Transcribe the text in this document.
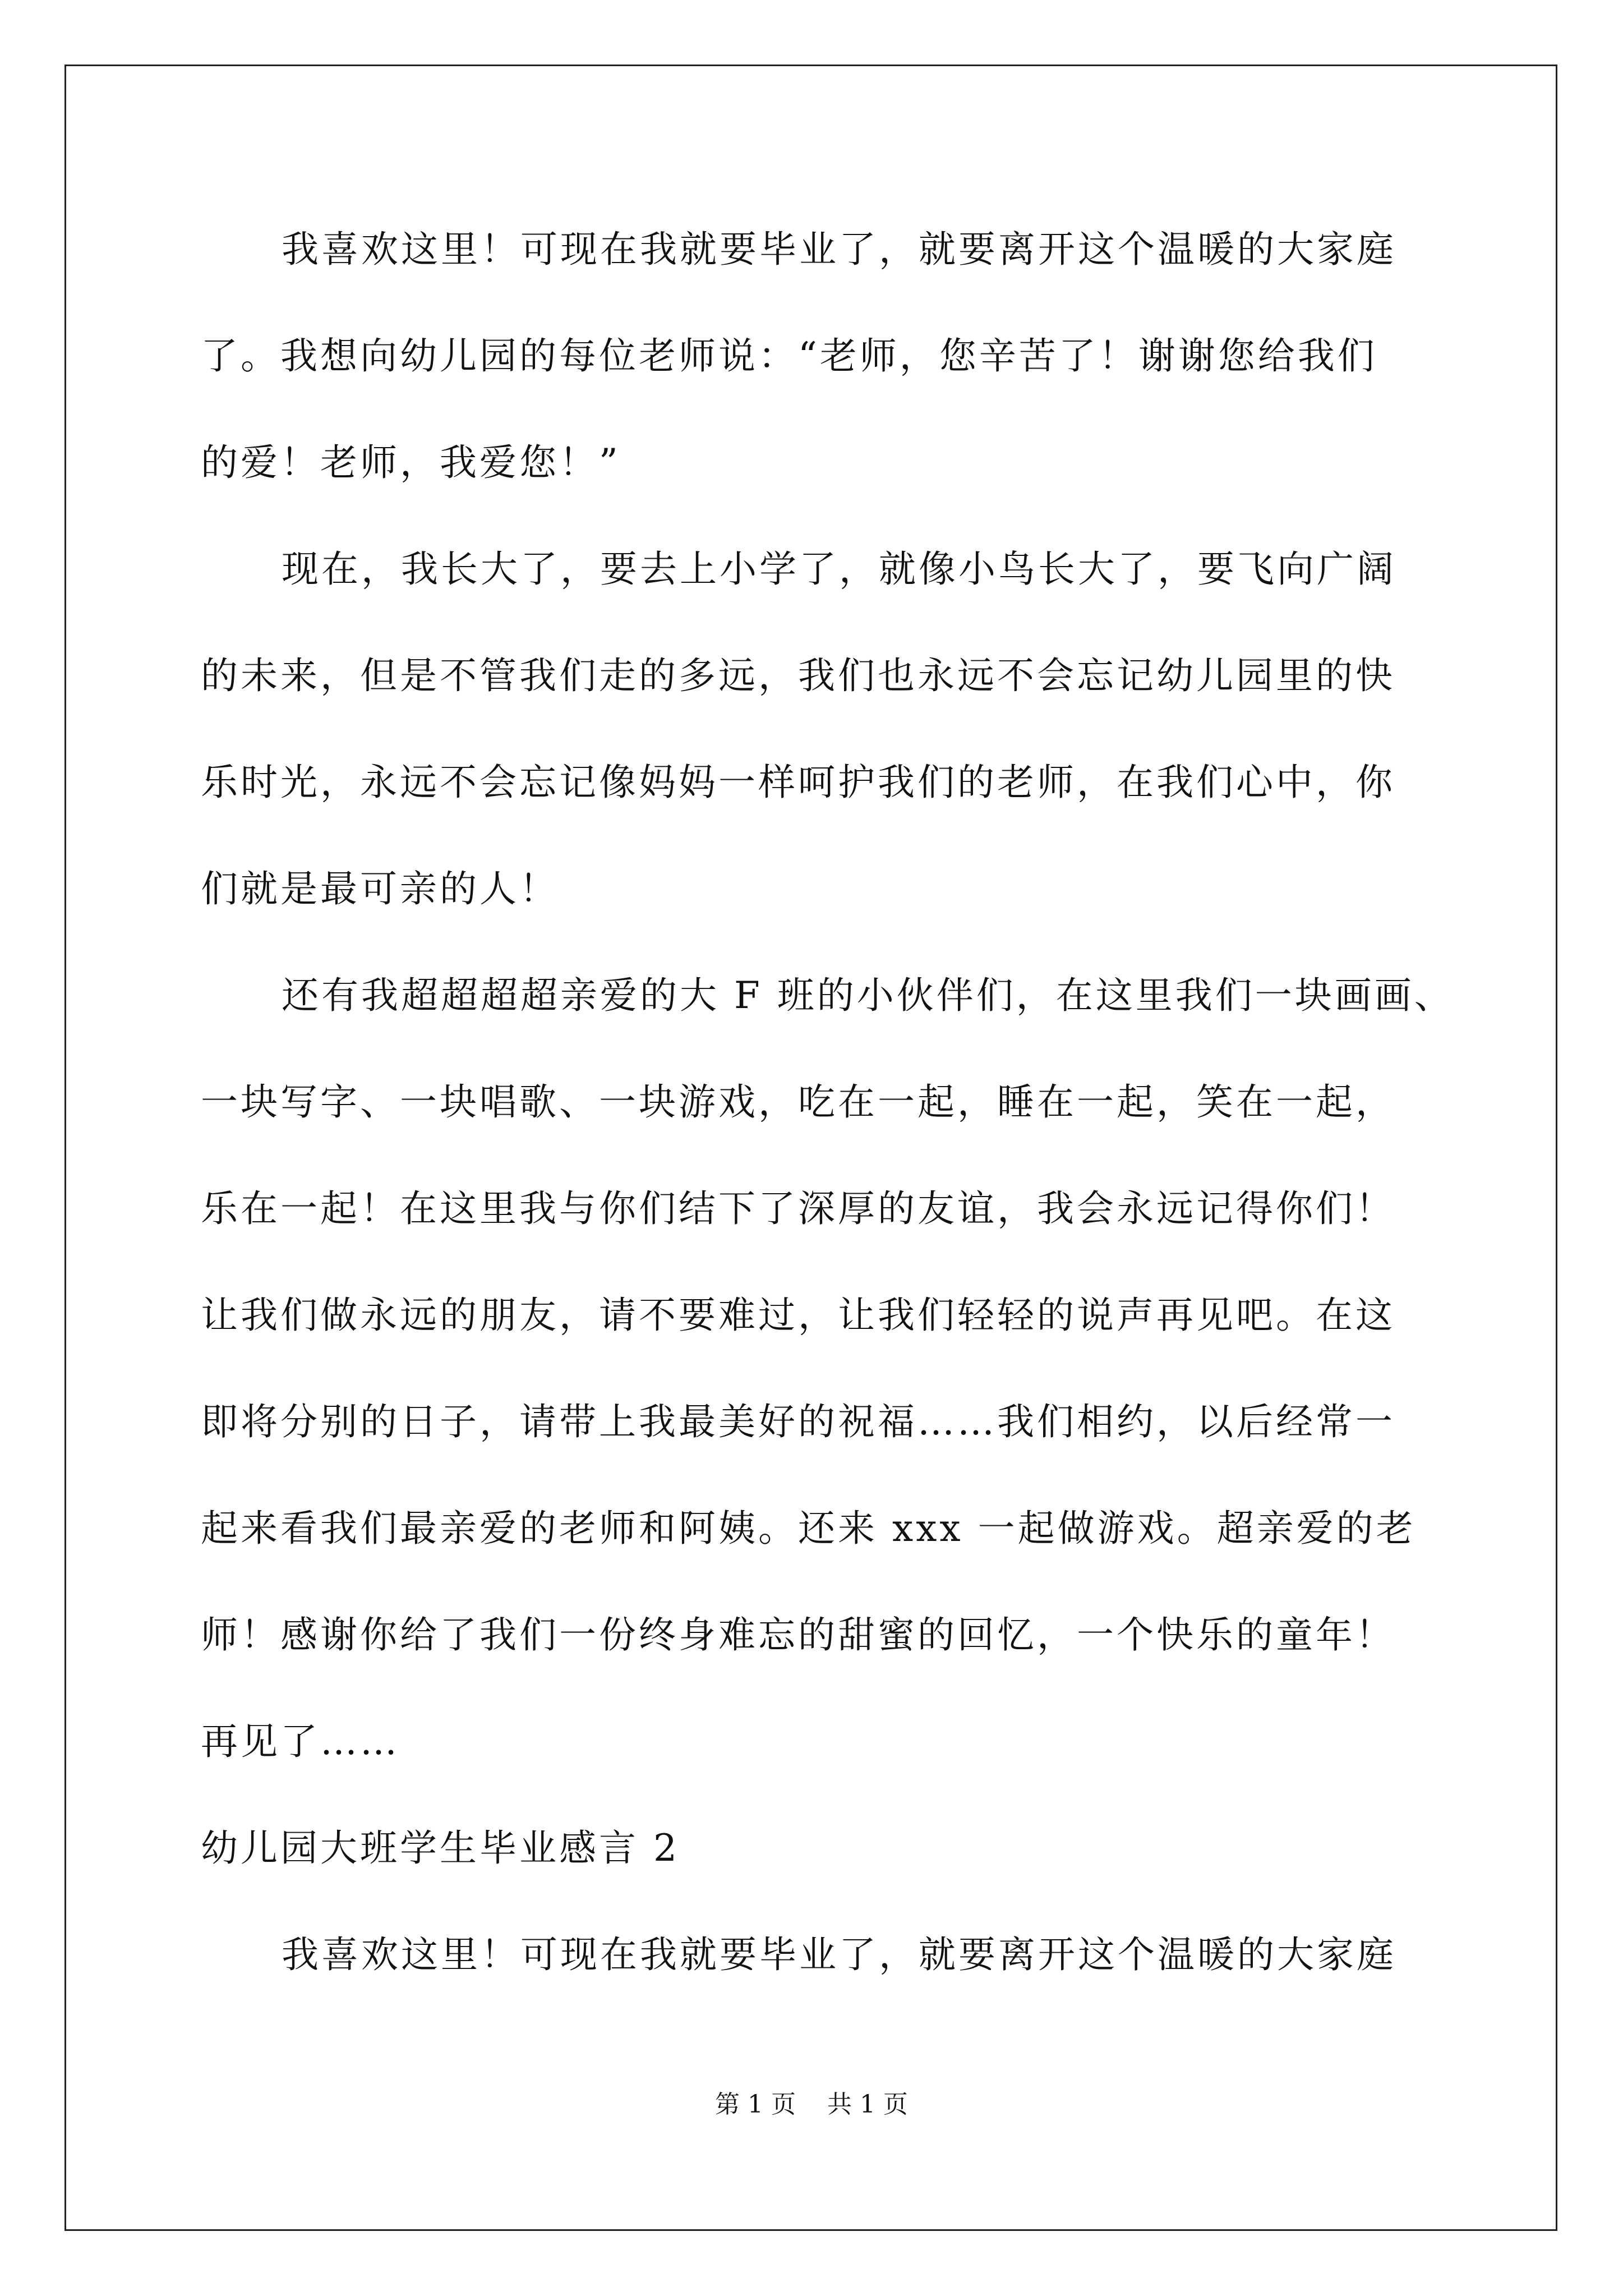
我喜欢这里！可现在我就要毕业了，就要离开这个温暖的大家庭
了。我想向幼儿园的每位老师说：“老师，您辛苦了！谢谢您给我们
的爱！老师，我爱您！”
现在，我长大了，要去上小学了，就像小鸟长大了，要飞向广阔
的未来，但是不管我们走的多远，我们也永远不会忘记幼儿园里的快
乐时光，永远不会忘记像妈妈一样呵护我们的老师，在我们心中，你
们就是最可亲的人！
还有我超超超超亲爱的大 F 班的小伙伴们，在这里我们一块画画、
一块写字、一块唱歌、一块游戏，吃在一起，睡在一起，笑在一起，
乐在一起！在这里我与你们结下了深厚的友谊，我会永远记得你们！
让我们做永远的朋友，请不要难过，让我们轻轻的说声再见吧。在这
即将分别的日子，请带上我最美好的祝福……我们相约，以后经常一
起来看我们最亲爱的老师和阿姨。还来 xxx 一起做游戏。超亲爱的老
师！感谢你给了我们一份终身难忘的甜蜜的回忆，一个快乐的童年！
再见了……
幼儿园大班学生毕业感言 2
我喜欢这里！可现在我就要毕业了，就要离开这个温暖的大家庭
第 1 页    共 1 页
